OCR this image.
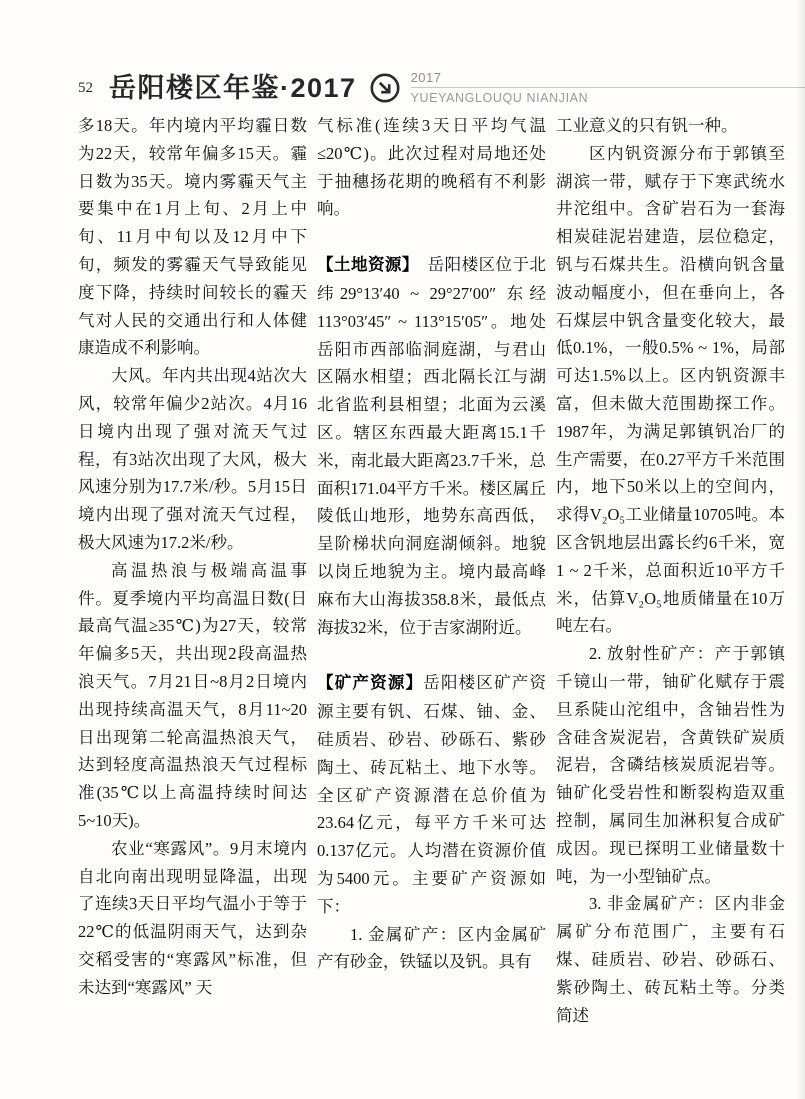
52 岳阳楼区年鉴·2017	2017
YUEYANGLOUQU NIANJIAN

多18天。年内境内平均霾日数为22天，较常年偏多15天。霾日数为35天。境内雾霾天气主要集中在1月上旬、2月上中旬、11月中旬以及12月中下旬，频发的雾霾天气导致能见度下降，持续时间较长的霾天气对人民的交通出行和人体健康造成不利影响。

大风。年内共出现4站次大风，较常年偏少2站次。4月16日境内出现了强对流天气过程，有3站次出现了大风，极大风速分别为17.7米/秒。5月15日境内出现了强对流天气过程，极大风速为17.2米/秒。

高温热浪与极端高温事件。夏季境内平均高温日数(日最高气温≥35℃)为27天，较常年偏多5天，共出现2段高温热浪天气。7月21日~8月2日境内出现持续高温天气，8月11~20日出现第二轮高温热浪天气，达到轻度高温热浪天气过程标准(35℃以上高温持续时间达5~10天)。

农业“寒露风”。9月末境内自北向南出现明显降温，出现了连续3天日平均气温小于等于22℃的低温阴雨天气，达到杂交稻受害的“寒露风”标准，但未达到“寒露风” 天

气标准(连续3天日平均气温≤20℃)。此次过程对局地还处于抽穗扬花期的晚稻有不利影响。

【土地资源】　岳阳楼区位于北纬29°13′40 ~ 29°27′00″ 东经113°03′45″ ~ 113°15′05″。地处岳阳市西部临洞庭湖，与君山区隔水相望；西北隔长江与湖北省监利县相望；北面为云溪区。辖区东西最大距离15.1千米，南北最大距离23.7千米，总面积171.04平方千米。楼区属丘陵低山地形，地势东高西低，呈阶梯状向洞庭湖倾斜。地貌以岗丘地貌为主。境内最高峰麻布大山海拔358.8米，最低点海拔32米，位于吉家湖附近。

【矿产资源】岳阳楼区矿产资源主要有钒、石煤、铀、金、硅质岩、砂岩、砂砾石、紫砂陶土、砖瓦粘土、地下水等。全区矿产资源潜在总价值为23.64亿元，每平方千米可达0.137亿元。人均潜在资源价值为5400元。主要矿产资源如下：

1. 金属矿产：区内金属矿产有砂金，铁锰以及钒。具有

工业意义的只有钒一种。

区内钒资源分布于郭镇至湖滨一带，赋存于下寒武统水井沱组中。含矿岩石为一套海相炭硅泥岩建造，层位稳定，钒与石煤共生。沿横向钒含量波动幅度小，但在垂向上，各石煤层中钒含量变化较大，最低0.1%，一般0.5% ~ 1%，局部可达1.5%以上。区内钒资源丰富，但未做大范围勘探工作。1987年，为满足郭镇钒冶厂的生产需要，在0.27平方千米范围内，地下50米以上的空间内，求得V₂O₅工业储量10705吨。本区含钒地层出露长约6千米，宽1 ~ 2千米，总面积近10平方千米，估算V₂O₅地质储量在10万吨左右。

2. 放射性矿产：产于郭镇千镜山一带，铀矿化赋存于震旦系陡山沱组中，含铀岩性为含硅含炭泥岩，含黄铁矿炭质泥岩，含磷结核炭质泥岩等。铀矿化受岩性和断裂构造双重控制，属同生加淋积复合成矿成因。现已探明工业储量数十吨，为一小型铀矿点。

3. 非金属矿产：区内非金属矿分布范围广，主要有石煤、硅质岩、砂岩、砂砾石、紫砂陶土、砖瓦粘土等。分类简述
